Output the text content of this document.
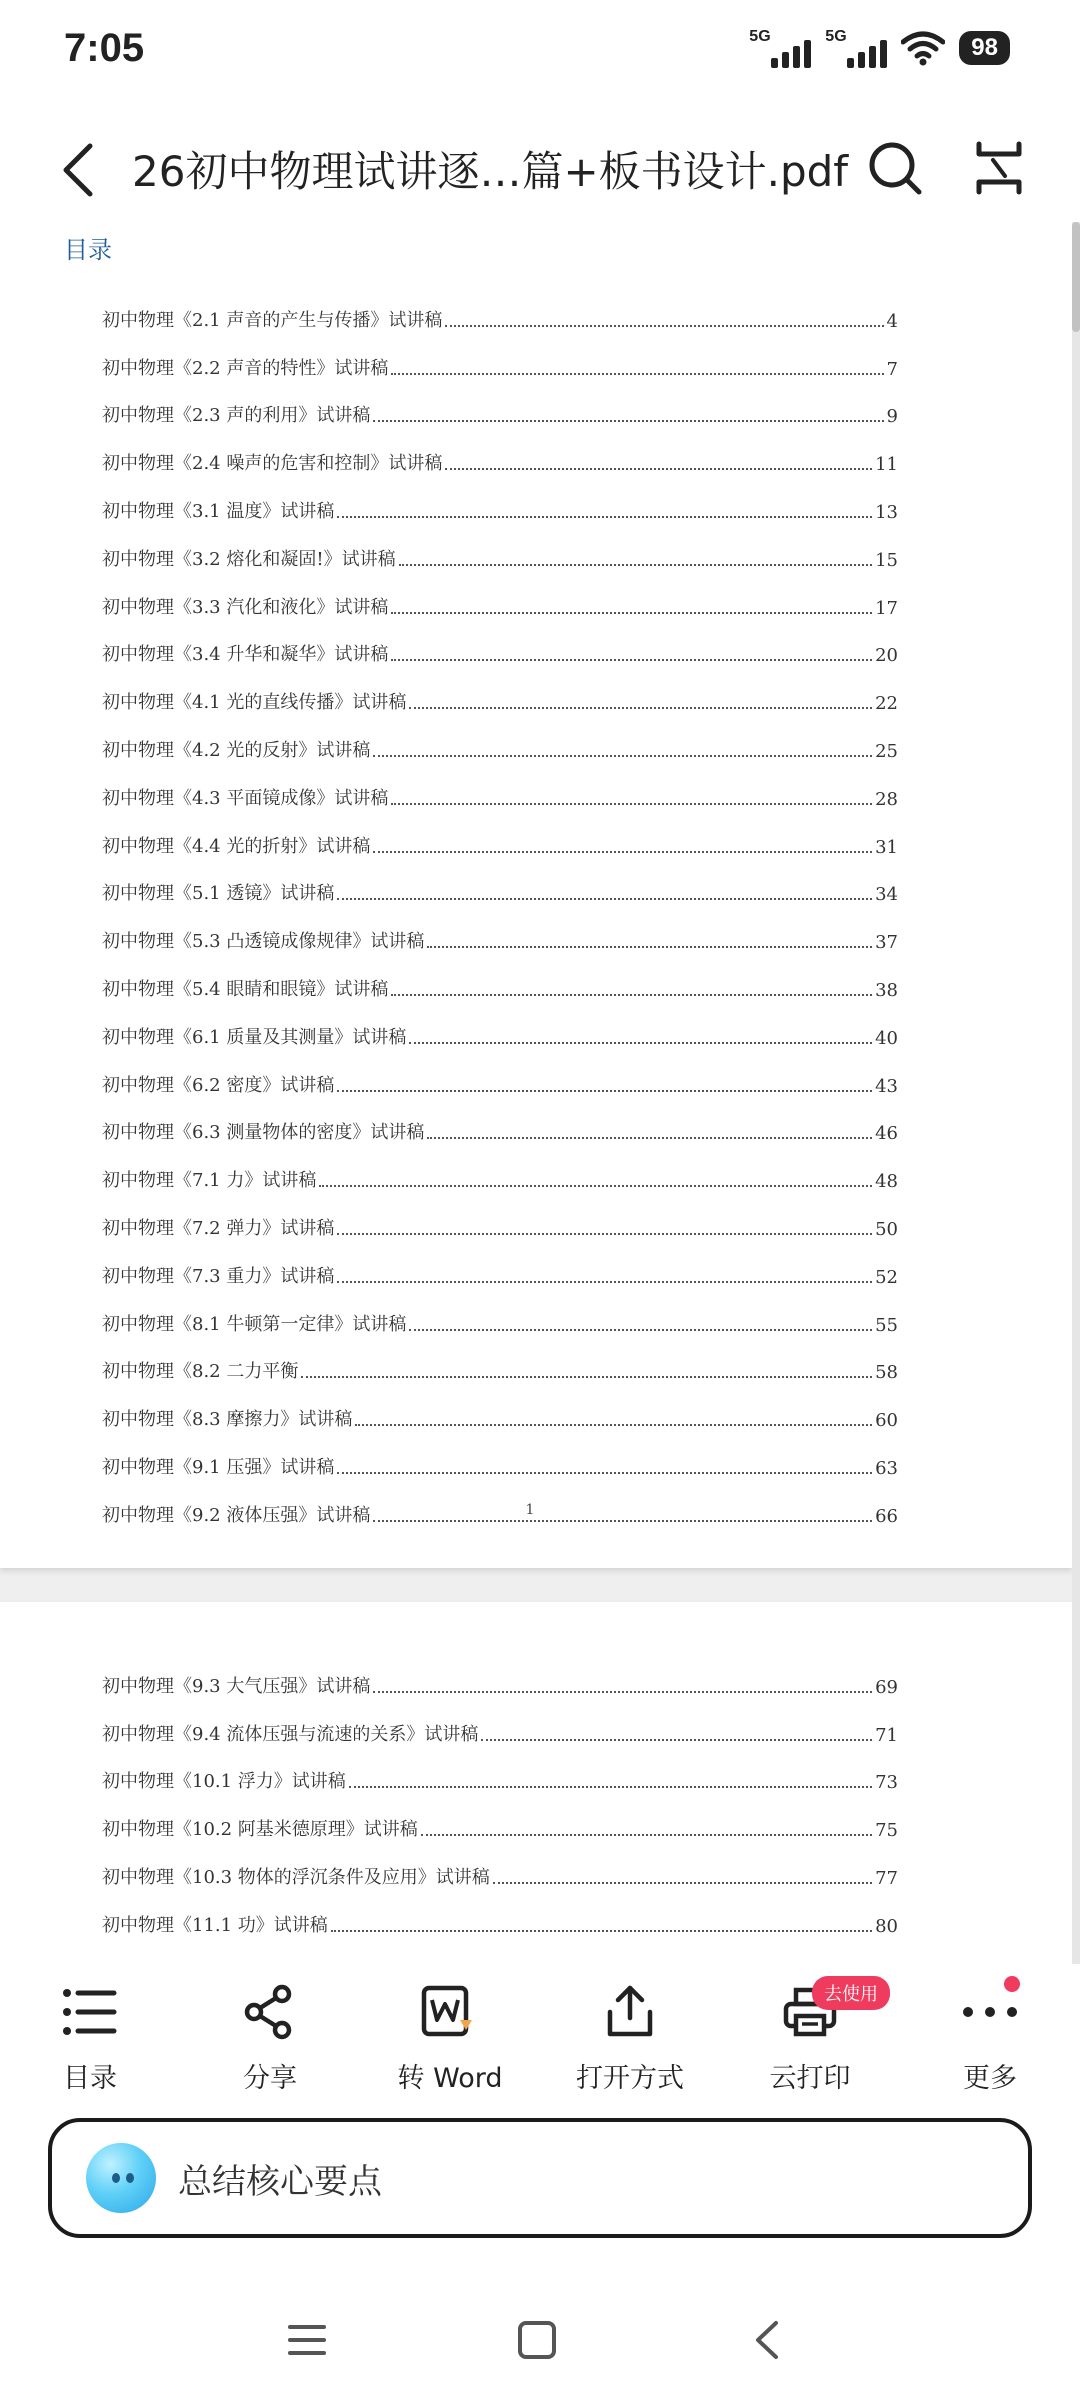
7:05	5G	5G	98
26初中物理试讲逐…篇+板书设计.pdf
目录
初中物理《2.1 声音的产生与传播》试讲稿	4
初中物理《2.2 声音的特性》试讲稿	7
初中物理《2.3 声的利用》试讲稿	9
初中物理《2.4 噪声的危害和控制》试讲稿	11
初中物理《3.1 温度》试讲稿	13
初中物理《3.2 熔化和凝固!》试讲稿	15
初中物理《3.3 汽化和液化》试讲稿	17
初中物理《3.4 升华和凝华》试讲稿	20
初中物理《4.1 光的直线传播》试讲稿	22
初中物理《4.2 光的反射》试讲稿	25
初中物理《4.3 平面镜成像》试讲稿	28
初中物理《4.4 光的折射》试讲稿	31
初中物理《5.1 透镜》试讲稿	34
初中物理《5.3 凸透镜成像规律》试讲稿	37
初中物理《5.4 眼睛和眼镜》试讲稿	38
初中物理《6.1 质量及其测量》试讲稿	40
初中物理《6.2 密度》试讲稿	43
初中物理《6.3 测量物体的密度》试讲稿	46
初中物理《7.1 力》试讲稿	48
初中物理《7.2 弹力》试讲稿	50
初中物理《7.3 重力》试讲稿	52
初中物理《8.1 牛顿第一定律》试讲稿	55
初中物理《8.2 二力平衡	58
初中物理《8.3 摩擦力》试讲稿	60
初中物理《9.1 压强》试讲稿	63
初中物理《9.2 液体压强》试讲稿	66
1
初中物理《9.3 大气压强》试讲稿	69
初中物理《9.4 流体压强与流速的关系》试讲稿	71
初中物理《10.1 浮力》试讲稿	73
初中物理《10.2 阿基米德原理》试讲稿	75
初中物理《10.3 物体的浮沉条件及应用》试讲稿	77
初中物理《11.1 功》试讲稿	80
目录	分享	转 Word	打开方式	云打印	更多
去使用
总结核心要点
